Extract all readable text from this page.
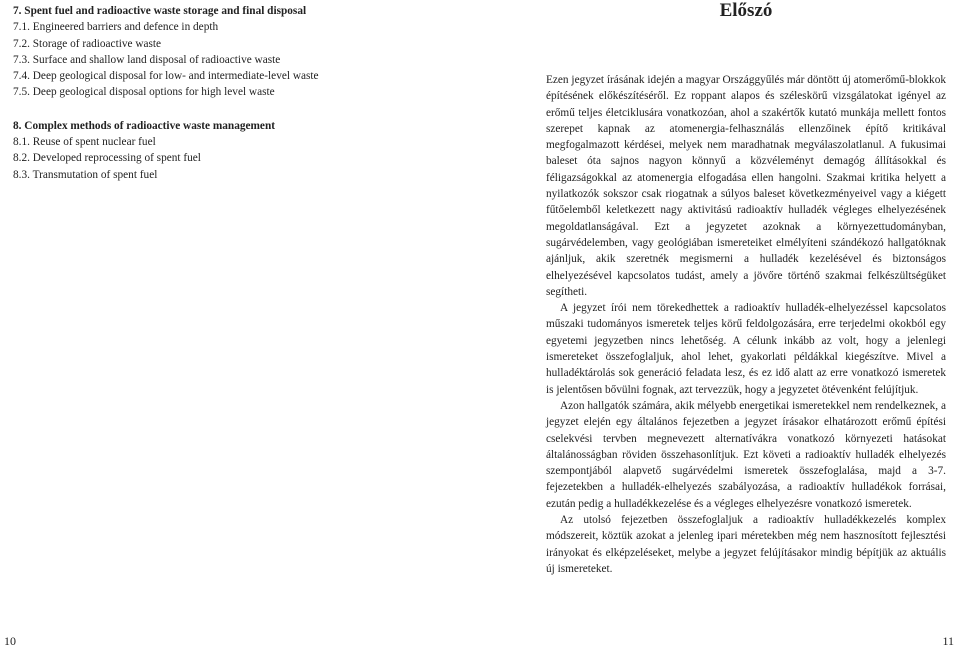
7. Spent fuel and radioactive waste storage and final disposal
7.1. Engineered barriers and defence in depth
7.2. Storage of radioactive waste
7.3. Surface and shallow land disposal of radioactive waste
7.4. Deep geological disposal for low- and intermediate-level waste
7.5. Deep geological disposal options for high level waste
8. Complex methods of radioactive waste management
8.1. Reuse of spent nuclear fuel
8.2. Developed reprocessing of spent fuel
8.3. Transmutation of spent fuel
Előszó

Ezen jegyzet írásának idején a magyar Országgyűlés már döntött új atomerőmű-blokkok építésének előkészítéséről. Ez roppant alapos és széleskörű vizsgálatokat igényel az erőmű teljes életciklusára vonatkozóan, ahol a szakértők kutató munkája mellett fontos szerepet kapnak az atomenergia-felhasználás ellenzőinek építő kritikával megfogalmazott kérdései, melyek nem maradhatnak megválaszolatlanul. A fukusimai baleset óta sajnos nagyon könnyű a közvéleményt demagóg állításokkal és féligazságokkal az atomenergia elfogadása ellen hangolni. Szakmai kritika helyett a nyilatkozók sokszor csak riogatnak a súlyos baleset következményeivel vagy a kiégett fűtőelemből keletkezett nagy aktivitású radioaktív hulladék végleges elhelyezésének megoldatlanságával. Ezt a jegyzetet azoknak a környezettudományban, sugárvédelemben, vagy geológiában ismereteiket elmélyíteni szándékozó hallgatóknak ajánljuk, akik szeretnék megismerni a hulladék kezelésével és biztonságos elhelyezésével kapcsolatos tudást, amely a jövőre történő szakmai felkészültségüket segítheti.

A jegyzet írói nem törekedhettek a radioaktív hulladék-elhelyezéssel kapcsolatos műszaki tudományos ismeretek teljes körű feldolgozására, erre terjedelmi okokból egy egyetemi jegyzetben nincs lehetőség. A célunk inkább az volt, hogy a jelenlegi ismereteket összefoglaljuk, ahol lehet, gyakorlati példákkal kiegészítve. Mivel a hulladéktárolás sok generáció feladata lesz, és ez idő alatt az erre vonatkozó ismeretek is jelentősen bővülni fognak, azt tervezzük, hogy a jegyzetet ötévenként felújítjuk.

Azon hallgatók számára, akik mélyebb energetikai ismeretekkel nem rendelkeznek, a jegyzet elején egy általános fejezetben a jegyzet írásakor elhatározott erőmű építési cselekvési tervben megnevezett alternatívákra vonatkozó környezeti hatásokat általánosságban röviden összehasonlítjuk. Ezt követi a radioaktív hulladék elhelyezés szempontjából alapvető sugárvédelmi ismeretek összefoglalása, majd a 3-7. fejezetekben a hulladék-elhelyezés szabályozása, a radioaktív hulladékok forrásai, ezután pedig a hulladékkezelése és a végleges elhelyezésre vonatkozó ismeretek.

Az utolsó fejezetben összefoglaljuk a radioaktív hulladékkezelés komplex módszereit, köztük azokat a jelenleg ipari méretekben még nem hasznosított fejlesztési irányokat és elképzeléseket, melybe a jegyzet felújításakor mindig bépítjük az aktuális új ismereteket.

10	11
